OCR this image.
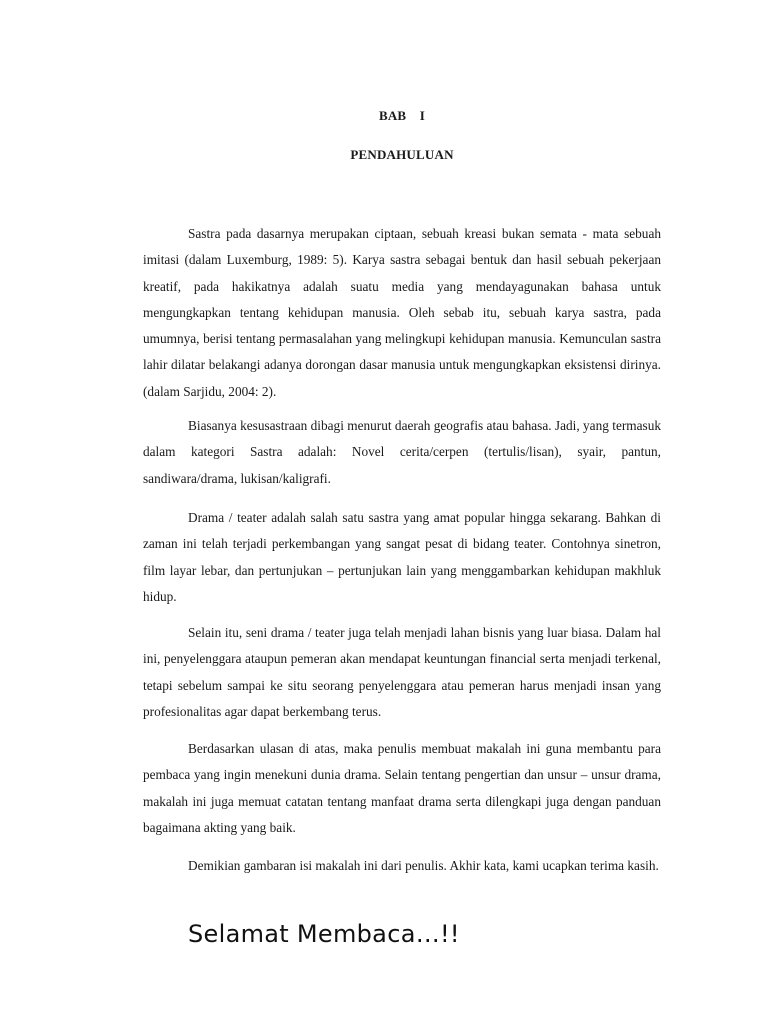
BAB I
PENDAHULUAN

Sastra pada dasarnya merupakan ciptaan, sebuah kreasi bukan semata - mata sebuah imitasi (dalam Luxemburg, 1989: 5). Karya sastra sebagai bentuk dan hasil sebuah pekerjaan kreatif, pada hakikatnya adalah suatu media yang mendayagunakan bahasa untuk mengungkapkan tentang kehidupan manusia. Oleh sebab itu, sebuah karya sastra, pada umumnya, berisi tentang permasalahan yang melingkupi kehidupan manusia. Kemunculan sastra lahir dilatar belakangi adanya dorongan dasar manusia untuk mengungkapkan eksistensi dirinya. (dalam Sarjidu, 2004: 2).

Biasanya kesusastraan dibagi menurut daerah geografis atau bahasa. Jadi, yang termasuk dalam kategori Sastra adalah: Novel cerita/cerpen (tertulis/lisan), syair, pantun, sandiwara/drama, lukisan/kaligrafi.

Drama / teater adalah salah satu sastra yang amat popular hingga sekarang. Bahkan di zaman ini telah terjadi perkembangan yang sangat pesat di bidang teater. Contohnya sinetron, film layar lebar, dan pertunjukan – pertunjukan lain yang menggambarkan kehidupan makhluk hidup.

Selain itu, seni drama / teater juga telah menjadi lahan bisnis yang luar biasa. Dalam hal ini, penyelenggara ataupun pemeran akan mendapat keuntungan financial serta menjadi terkenal, tetapi sebelum sampai ke situ seorang penyelenggara atau pemeran harus menjadi insan yang profesionalitas agar dapat berkembang terus.

Berdasarkan ulasan di atas, maka penulis membuat makalah ini guna membantu para pembaca yang ingin menekuni dunia drama. Selain tentang pengertian dan unsur – unsur drama, makalah ini juga memuat catatan tentang manfaat drama serta dilengkapi juga dengan panduan bagaimana akting yang baik.

Demikian gambaran isi makalah ini dari penulis. Akhir kata, kami ucapkan terima kasih.

Selamat Membaca…!!
